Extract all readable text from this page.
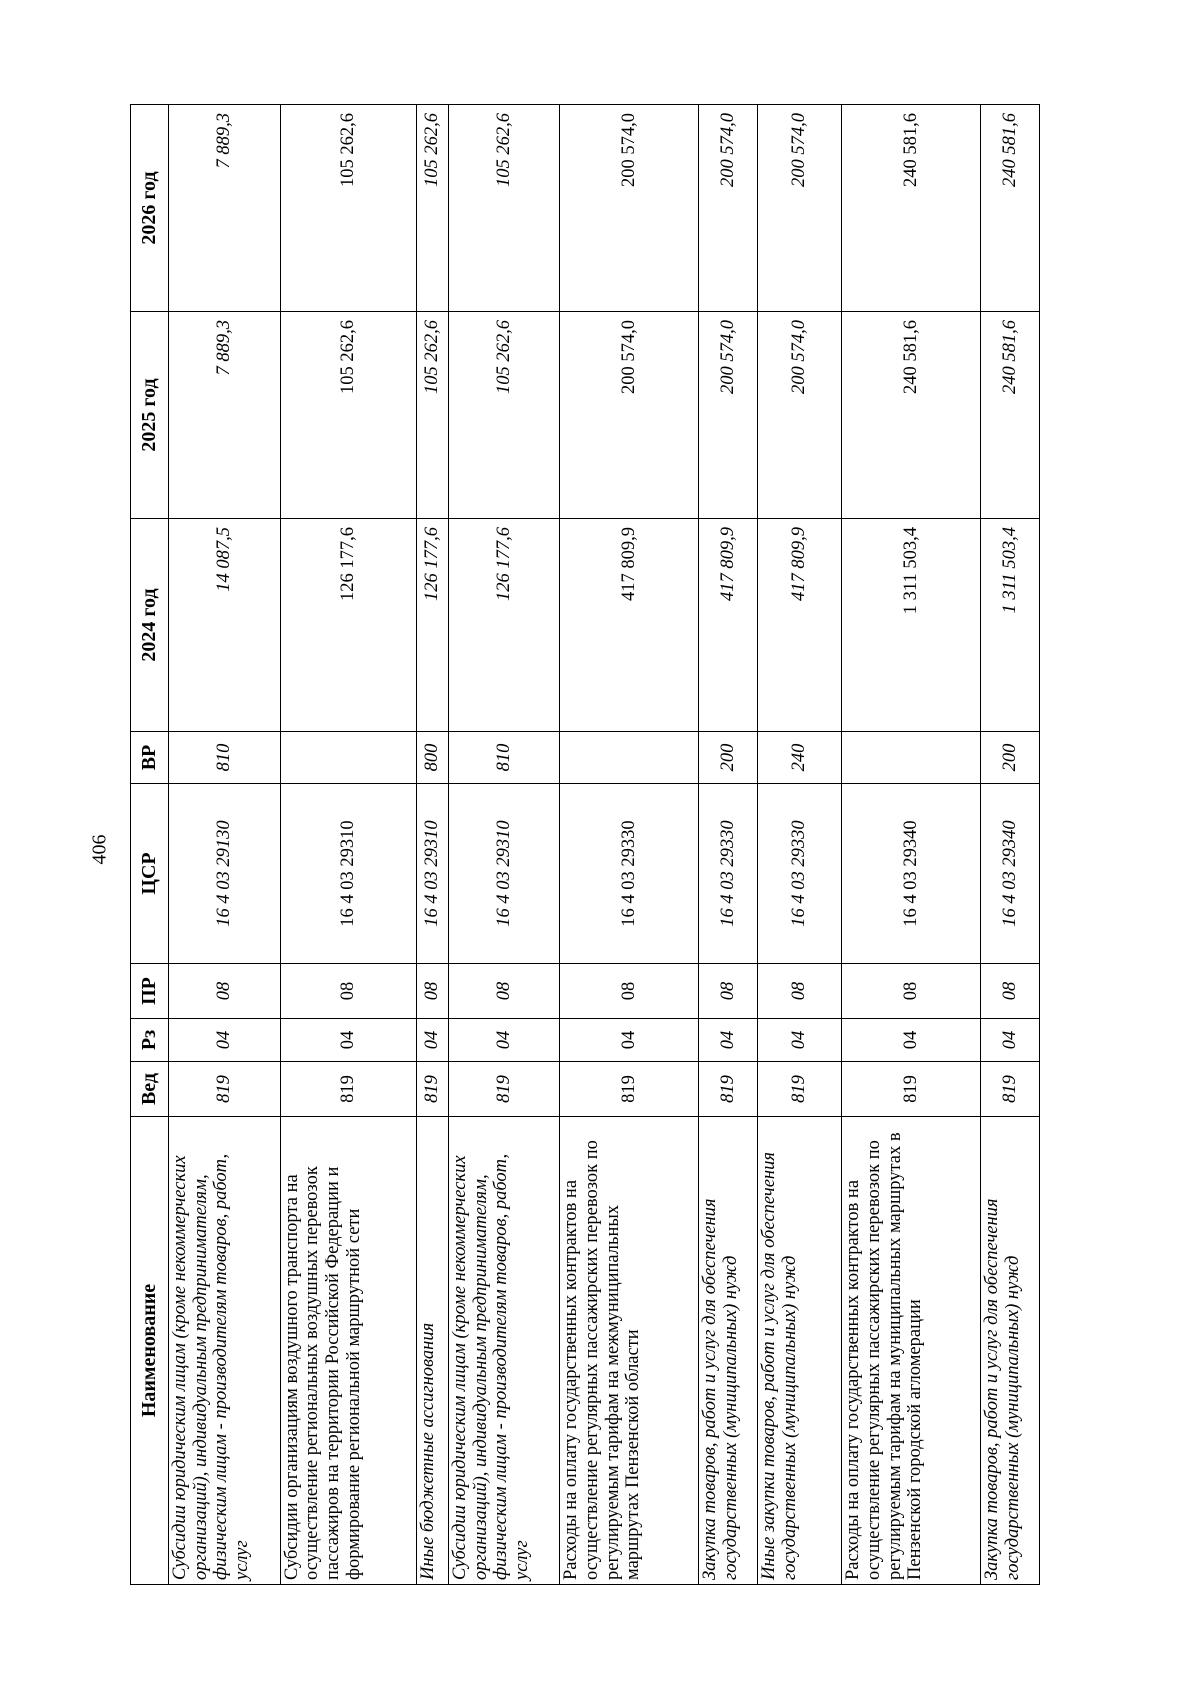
406
Наименование	Вед	Рз	ПР	ЦСР	ВР	2024 год	2025 год	2026 год
Субсидии юридическим лицам (кроме некоммерческих организаций), индивидуальным предпринимателям, физическим лицам - производителям товаров, работ, услуг	819	04	08	16 4 03 29130	810	14 087,5	7 889,3	7 889,3
Субсидии организациям воздушного транспорта на осуществление региональных воздушных перевозок пассажиров на территории Российской Федерации и формирование региональной маршрутной сети	819	04	08	16 4 03 29310		126 177,6	105 262,6	105 262,6
Иные бюджетные ассигнования	819	04	08	16 4 03 29310	800	126 177,6	105 262,6	105 262,6
Субсидии юридическим лицам (кроме некоммерческих организаций), индивидуальным предпринимателям, физическим лицам - производителям товаров, работ, услуг	819	04	08	16 4 03 29310	810	126 177,6	105 262,6	105 262,6
Расходы на оплату государственных контрактов на осуществление регулярных пассажирских перевозок по регулируемым тарифам на межмуниципальных маршрутах Пензенской области	819	04	08	16 4 03 29330		417 809,9	200 574,0	200 574,0
Закупка товаров, работ и услуг для обеспечения государственных (муниципальных) нужд	819	04	08	16 4 03 29330	200	417 809,9	200 574,0	200 574,0
Иные закупки товаров, работ и услуг для обеспечения государственных (муниципальных) нужд	819	04	08	16 4 03 29330	240	417 809,9	200 574,0	200 574,0
Расходы на оплату государственных контрактов на осуществление регулярных пассажирских перевозок по регулируемым тарифам на муниципальных маршрутах в Пензенской городской агломерации	819	04	08	16 4 03 29340		1 311 503,4	240 581,6	240 581,6
Закупка товаров, работ и услуг для обеспечения государственных (муниципальных) нужд	819	04	08	16 4 03 29340	200	1 311 503,4	240 581,6	240 581,6
